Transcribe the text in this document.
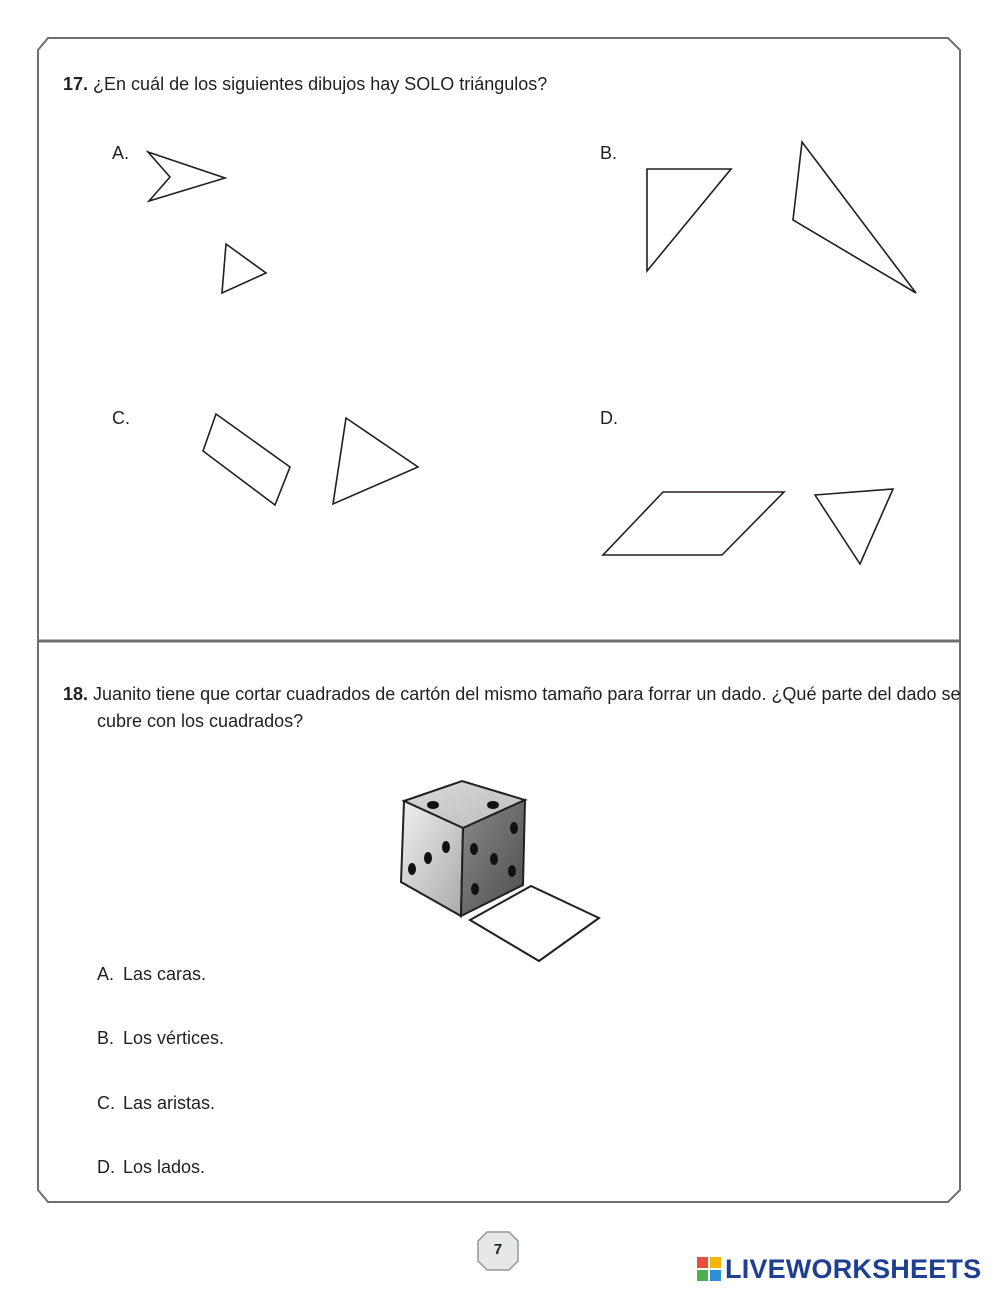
17. ¿En cuál de los siguientes dibujos hay SOLO triángulos?
A.	B.
C.	D.
18. Juanito tiene que cortar cuadrados de cartón del mismo tamaño para forrar un dado. ¿Qué parte del dado se cubre con los cuadrados?
A. Las caras.
B. Los vértices.
C. Las aristas.
D. Los lados.
7
LIVEWORKSHEETS
